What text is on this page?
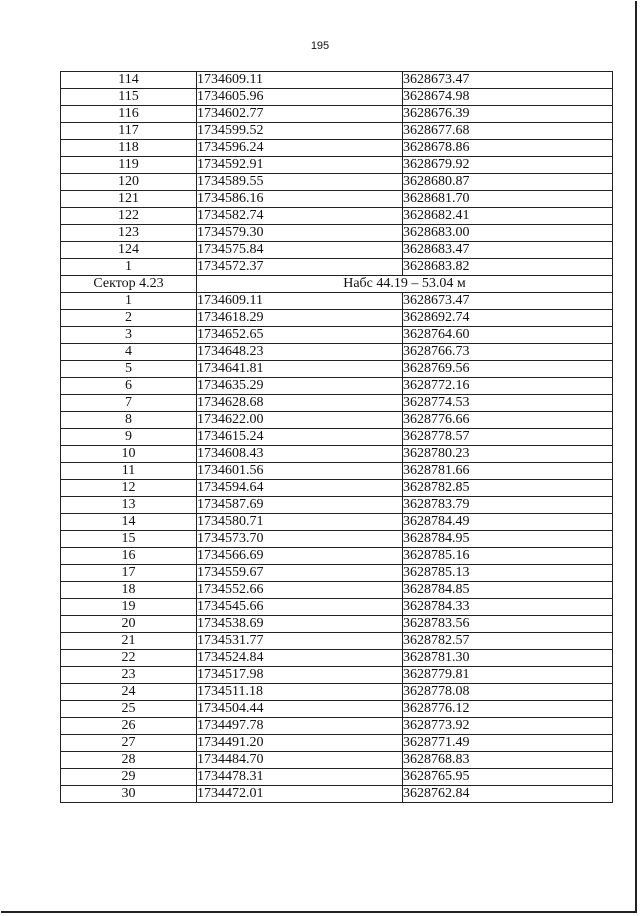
195
114	1734609.11	3628673.47
115	1734605.96	3628674.98
116	1734602.77	3628676.39
117	1734599.52	3628677.68
118	1734596.24	3628678.86
119	1734592.91	3628679.92
120	1734589.55	3628680.87
121	1734586.16	3628681.70
122	1734582.74	3628682.41
123	1734579.30	3628683.00
124	1734575.84	3628683.47
1	1734572.37	3628683.82
Сектор 4.23	Набс 44.19 – 53.04 м	
1	1734609.11	3628673.47
2	1734618.29	3628692.74
3	1734652.65	3628764.60
4	1734648.23	3628766.73
5	1734641.81	3628769.56
6	1734635.29	3628772.16
7	1734628.68	3628774.53
8	1734622.00	3628776.66
9	1734615.24	3628778.57
10	1734608.43	3628780.23
11	1734601.56	3628781.66
12	1734594.64	3628782.85
13	1734587.69	3628783.79
14	1734580.71	3628784.49
15	1734573.70	3628784.95
16	1734566.69	3628785.16
17	1734559.67	3628785.13
18	1734552.66	3628784.85
19	1734545.66	3628784.33
20	1734538.69	3628783.56
21	1734531.77	3628782.57
22	1734524.84	3628781.30
23	1734517.98	3628779.81
24	1734511.18	3628778.08
25	1734504.44	3628776.12
26	1734497.78	3628773.92
27	1734491.20	3628771.49
28	1734484.70	3628768.83
29	1734478.31	3628765.95
30	1734472.01	3628762.84
